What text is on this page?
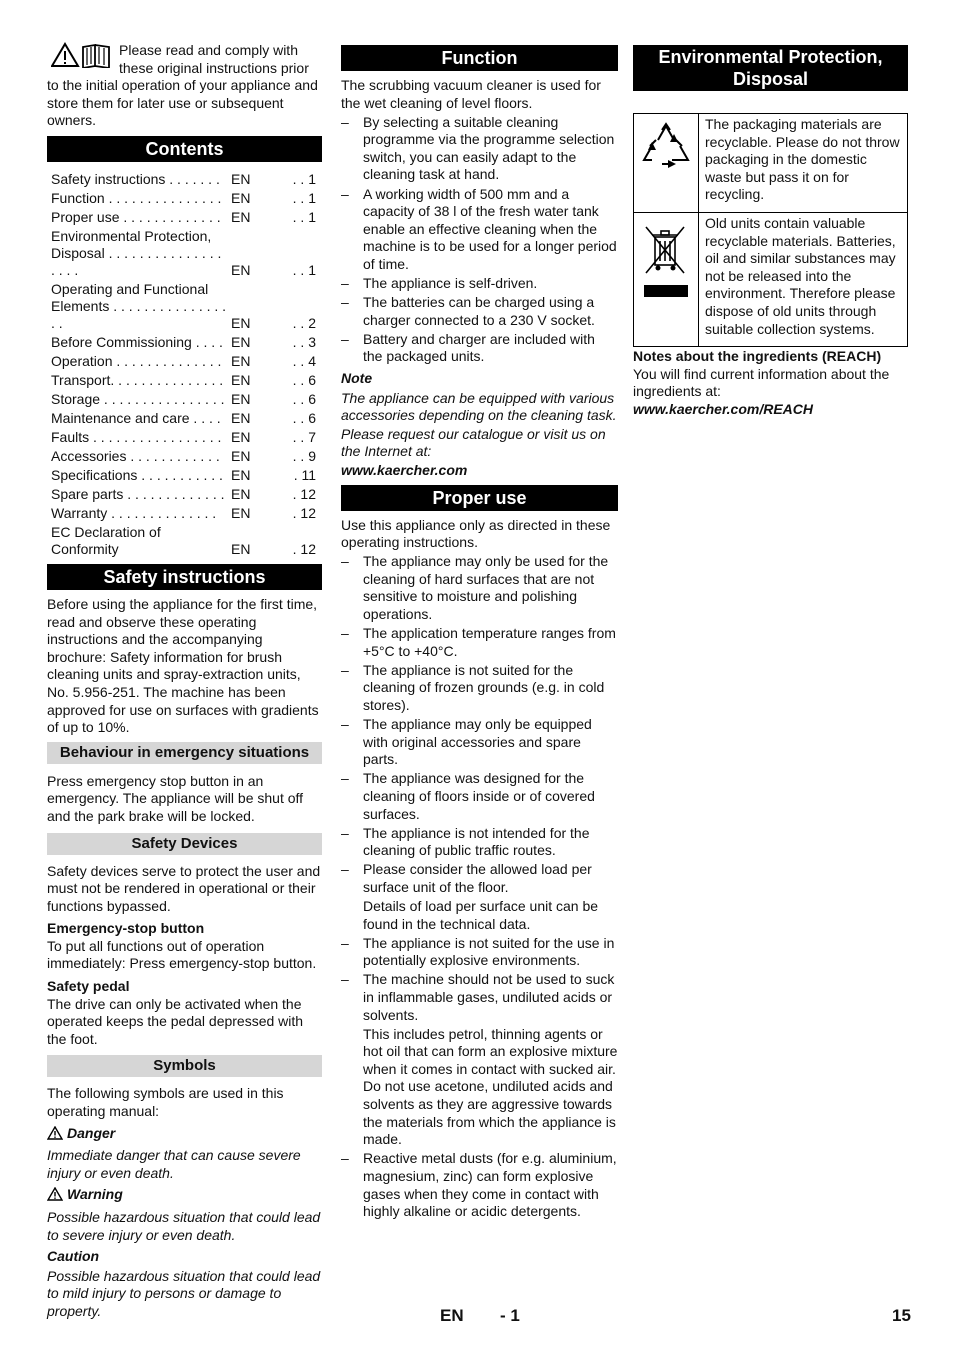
Please read and comply with these original instructions prior to the initial operation of your appliance and store them for later use or subsequent owners.

Contents
Safety instructions . . . . . . .	EN	. . 1
Function . . . . . . . . . . . . . . .	EN	. . 1
Proper use . . . . . . . . . . . . .	EN	. . 1
Environmental Protection, Disposal . . . . . . . . . . . . . . . . . . .	EN	. . 1
Operating and Functional Elements . . . . . . . . . . . . . . . . .	EN	. . 2
Before Commissioning . . . .	EN	. . 3
Operation . . . . . . . . . . . . . .	EN	. . 4
Transport. . . . . . . . . . . . . . .	EN	. . 6
Storage . . . . . . . . . . . . . . . .	EN	. . 6
Maintenance and care . . . .	EN	. . 6
Faults . . . . . . . . . . . . . . . . .	EN	. . 7
Accessories . . . . . . . . . . . .	EN	. . 9
Specifications . . . . . . . . . . .	EN	. 11
Spare parts . . . . . . . . . . . . .	EN	. 12
Warranty . . . . . . . . . . . . . .	EN	. 12
EC Declaration of Conformity	EN	. 12
Safety instructions

Before using the appliance for the first time, read and observe these operating instructions and the accompanying brochure: Safety information for brush cleaning units and spray-extraction units, No. 5.956-251. The machine has been approved for use on surfaces with gradients of up to 10%.

Behaviour in emergency situations

Press emergency stop button in an emergency. The appliance will be shut off and the park brake will be locked.

Safety Devices

Safety devices serve to protect the user and must not be rendered in operational or their functions bypassed.

Emergency-stop button

To put all functions out of operation immediately: Press emergency-stop button.

Safety pedal

The drive can only be activated when the operated keeps the pedal depressed with the foot.

Symbols

The following symbols are used in this operating manual:

Danger

Immediate danger that can cause severe injury or even death.

Warning

Possible hazardous situation that could lead to severe injury or even death.

Caution

Possible hazardous situation that could lead to mild injury to persons or damage to property.

Function

The scrubbing vacuum cleaner is used for the wet cleaning of level floors.

– By selecting a suitable cleaning programme via the programme selection switch, you can easily adapt to the cleaning task at hand.
– A working width of 500 mm and a capacity of 38 l of the fresh water tank enable an effective cleaning when the machine is to be used for a longer period of time.
– The appliance is self-driven.
– The batteries can be charged using a charger connected to a 230 V socket.
– Battery and charger are included with the packaged units.

Note

The appliance can be equipped with various accessories depending on the cleaning task.

Please request our catalogue or visit us on the Internet at:

www.kaercher.com

Proper use

Use this appliance only as directed in these operating instructions.

– The appliance may only be used for the cleaning of hard surfaces that are not sensitive to moisture and polishing operations.
– The application temperature ranges from +5°C to +40°C.
– The appliance is not suited for the cleaning of frozen grounds (e.g. in cold stores).
– The appliance may only be equipped with original accessories and spare parts.
– The appliance was designed for the cleaning of floors inside or of covered surfaces.
– The appliance is not intended for the cleaning of public traffic routes.
– Please consider the allowed load per surface unit of the floor.
Details of load per surface unit can be found in the technical data.
– The appliance is not suited for the use in potentially explosive environments.
– The machine should not be used to suck in inflammable gases, undiluted acids or solvents.
This includes petrol, thinning agents or hot oil that can form an explosive mixture when it comes in contact with sucked air. Do not use acetone, undiluted acids and solvents as they are aggressive towards the materials from which the appliance is made.
– Reactive metal dusts (for e.g. aluminium, magnesium, zinc) can form explosive gases when they come in contact with highly alkaline or acidic detergents.
Environmental Protection, Disposal
	The packaging materials are recyclable. Please do not throw packaging in the domestic waste but pass it on for recycling.
	Old units contain valuable recyclable materials. Batteries, oil and similar substances may not be released into the environment. Therefore please dispose of old units through suitable collection systems.

Notes about the ingredients (REACH)

You will find current information about the ingredients at:

www.kaercher.com/REACH

EN - 1	15
